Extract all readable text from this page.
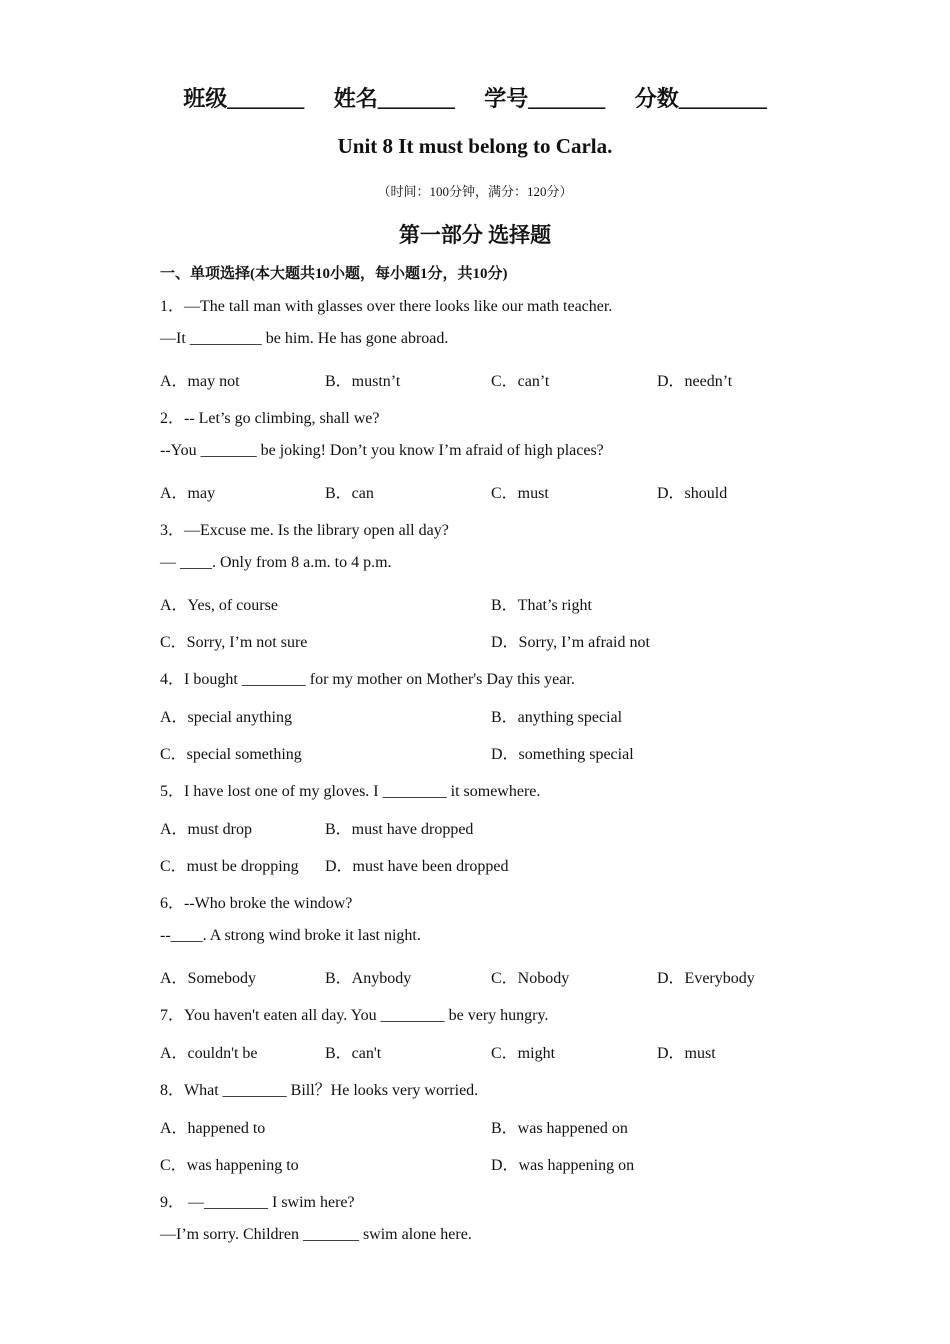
班级_______ 姓名_______ 学号_______ 分数________
Unit 8 It must belong to Carla.
（时间：100分钟，满分：120分）
第一部分 选择题
一、单项选择(本大题共10小题，每小题1分，共10分)
1．—The tall man with glasses over there looks like our math teacher.
—It _________ be him. He has gone abroad.
A．may not	B．mustn’t	C．can’t	D．needn’t
2．-- Let’s go climbing, shall we?
--You _______ be joking! Don’t you know I’m afraid of high places?
A．may	B．can	C．must	D．should
3．—Excuse me. Is the library open all day?
— ____. Only from 8 a.m. to 4 p.m.
A．Yes, of course	B．That’s right
C．Sorry, I’m not sure	D．Sorry, I’m afraid not
4．I bought ________ for my mother on Mother's Day this year.
A．special anything	B．anything special
C．special something	D．something special
5．I have lost one of my gloves. I ________ it somewhere.
A．must drop	B．must have dropped
C．must be dropping D．must have been dropped
6．--Who broke the window?
--____. A strong wind broke it last night.
A．Somebody	B．Anybody	C．Nobody	D．Everybody
7．You haven't eaten all day. You ________ be very hungry.
A．couldn't be	B．can't	C．might	D．must
8．What ________ Bill？He looks very worried.
A．happened to	B．was happened on
C．was happening to	D．was happening on
9． —________ I swim here?
—I’m sorry. Children _______ swim alone here.
